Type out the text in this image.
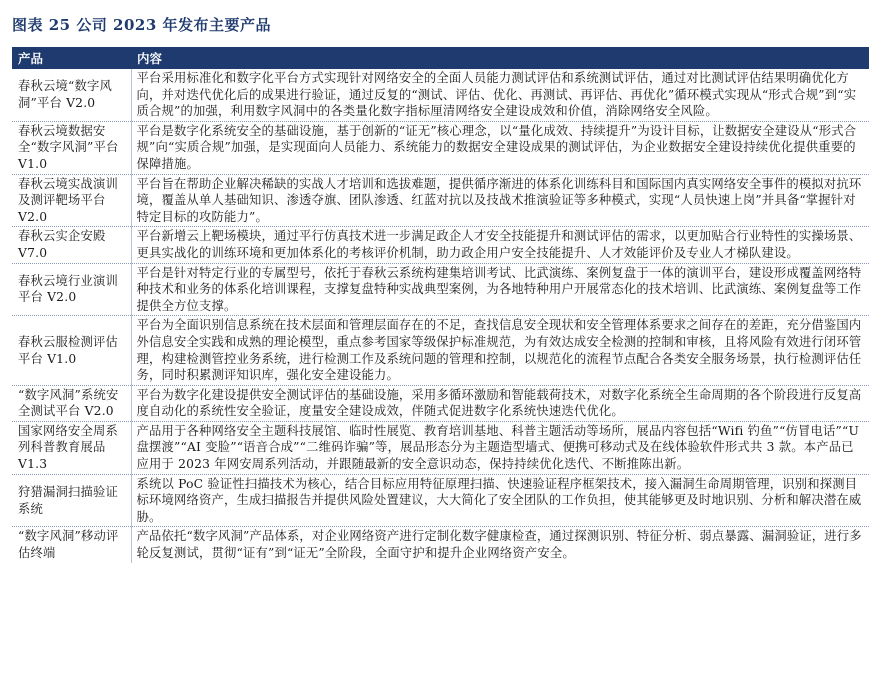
图表 25 公司 2023 年发布主要产品
产品	内容
春秋云境“数字风洞”平台 V2.0	平台采用标准化和数字化平台方式实现针对网络安全的全面人员能力测试评估和系统测试评估，通过对比测试评估结果明确优化方向，并对迭代优化后的成果进行验证，通过反复的“测试、评估、优化、再测试、再评估、再优化”循环模式实现从“形式合规”到“实质合规”的加强，利用数字风洞中的各类量化数字指标厘清网络安全建设成效和价值，消除网络安全风险。
春秋云境数据安全“数字风洞”平台 V1.0	平台是数字化系统安全的基础设施，基于创新的“证无”核心理念，以“量化成效、持续提升”为设计目标，让数据安全建设从“形式合规”向“实质合规”加强，是实现面向人员能力、系统能力的数据安全建设成果的测试评估，为企业数据安全建设持续优化提供重要的保障措施。
春秋云境实战演训及测评靶场平台 V2.0	平台旨在帮助企业解决稀缺的实战人才培训和选拔难题，提供循序渐进的体系化训练科目和国际国内真实网络安全事件的模拟对抗环境，覆盖从单人基础知识、渗透夺旗、团队渗透、红蓝对抗以及技战术推演验证等多种模式，实现“人员快速上岗”并具备“掌握针对特定目标的攻防能力”。
春秋云实企安殿 V7.0	平台新增云上靶场模块，通过平行仿真技术进一步满足政企人才安全技能提升和测试评估的需求，以更加贴合行业特性的实操场景、更具实战化的训练环境和更加体系化的考核评价机制，助力政企用户安全技能提升、人才效能评价及专业人才梯队建设。
春秋云境行业演训平台 V2.0	平台是针对特定行业的专属型号，依托于春秋云系统构建集培训考试、比武演练、案例复盘于一体的演训平台，建设形成覆盖网络特种技术和业务的体系化培训课程，支撑复盘特种实战典型案例，为各地特种用户开展常态化的技术培训、比武演练、案例复盘等工作提供全方位支撑。
春秋云服检测评估平台 V1.0	平台为全面识别信息系统在技术层面和管理层面存在的不足，查找信息安全现状和安全管理体系要求之间存在的差距，充分借鉴国内外信息安全实践和成熟的理论模型，重点参考国家等级保护标准规范，为有效达成安全检测的控制和审核，且将风险有效进行闭环管理，构建检测管控业务系统，进行检测工作及系统问题的管理和控制，以规范化的流程节点配合各类安全服务场景，执行检测评估任务，同时积累测评知识库，强化安全建设能力。
“数字风洞”系统安全测试平台 V2.0	平台为数字化建设提供安全测试评估的基础设施，采用多循环激励和智能载荷技术，对数字化系统全生命周期的各个阶段进行反复高度自动化的系统性安全验证，度量安全建设成效，伴随式促进数字化系统快速迭代优化。
国家网络安全周系列科普教育展品 V1.3	产品用于各种网络安全主题科技展馆、临时性展览、教育培训基地、科普主题活动等场所，展品内容包括“Wifi 钓鱼”“仿冒电话”“U 盘摆渡”“AI 变脸”“语音合成”“二维码诈骗”等，展品形态分为主题造型墙式、便携可移动式及在线体验软件形式共 3 款。本产品已应用于 2023 年网安周系列活动，并跟随最新的安全意识动态，保持持续优化迭代、不断推陈出新。
狩猎漏洞扫描验证系统	系统以 PoC 验证性扫描技术为核心，结合目标应用特征原理扫描、快速验证程序框架技术，接入漏洞生命周期管理，识别和探测目标环境网络资产，生成扫描报告并提供风险处置建议，大大简化了安全团队的工作负担，使其能够更及时地识别、分析和解决潜在威胁。
“数字风洞”移动评估终端	产品依托“数字风洞”产品体系，对企业网络资产进行定制化数字健康检查，通过探测识别、特征分析、弱点暴露、漏洞验证，进行多轮反复测试，贯彻“证有”到“证无”全阶段，全面守护和提升企业网络资产安全。
